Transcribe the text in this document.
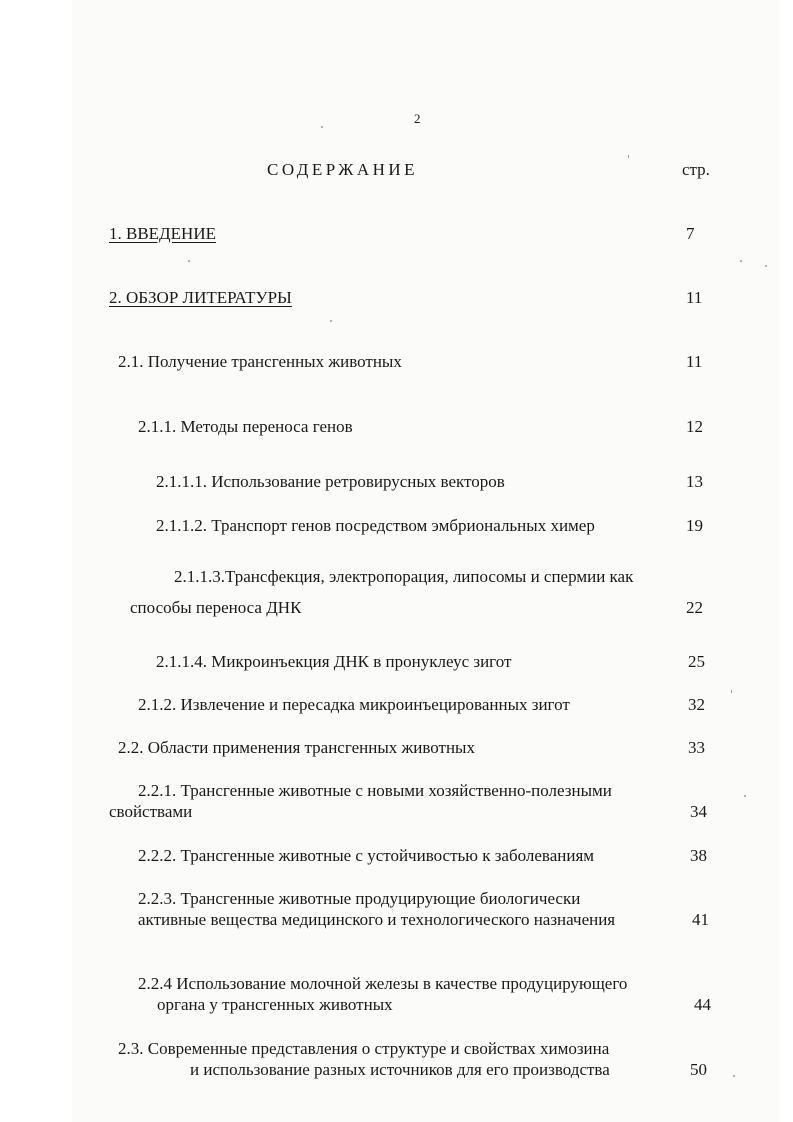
2
СОДЕРЖАНИЕ	стр.
1. ВВЕДЕНИЕ	7
2. ОБЗОР ЛИТЕРАТУРЫ	11
2.1. Получение трансгенных животных	11
2.1.1. Методы переноса генов	12
2.1.1.1. Использование ретровирусных векторов	13
2.1.1.2. Транспорт генов посредством эмбриональных химер	19
2.1.1.3.Трансфекция, электропорация, липосомы и спермии как
способы переноса ДНК	22
2.1.1.4. Микроинъекция ДНК в пронуклеус зигот	25
2.1.2. Извлечение и пересадка микроинъецированных зигот	32
2.2. Области применения трансгенных животных	33
2.2.1. Трансгенные животные с новыми хозяйственно-полезными
свойствами	34
2.2.2. Трансгенные животные с устойчивостью к заболеваниям	38
2.2.3. Трансгенные животные продуцирующие биологически
активные вещества медицинского и технологического назначения	41
2.2.4 Использование молочной железы в качестве продуцирующего
органа у трансгенных животных	44
2.3. Современные представления о структуре и свойствах химозина
и использование разных источников для его производства	50
